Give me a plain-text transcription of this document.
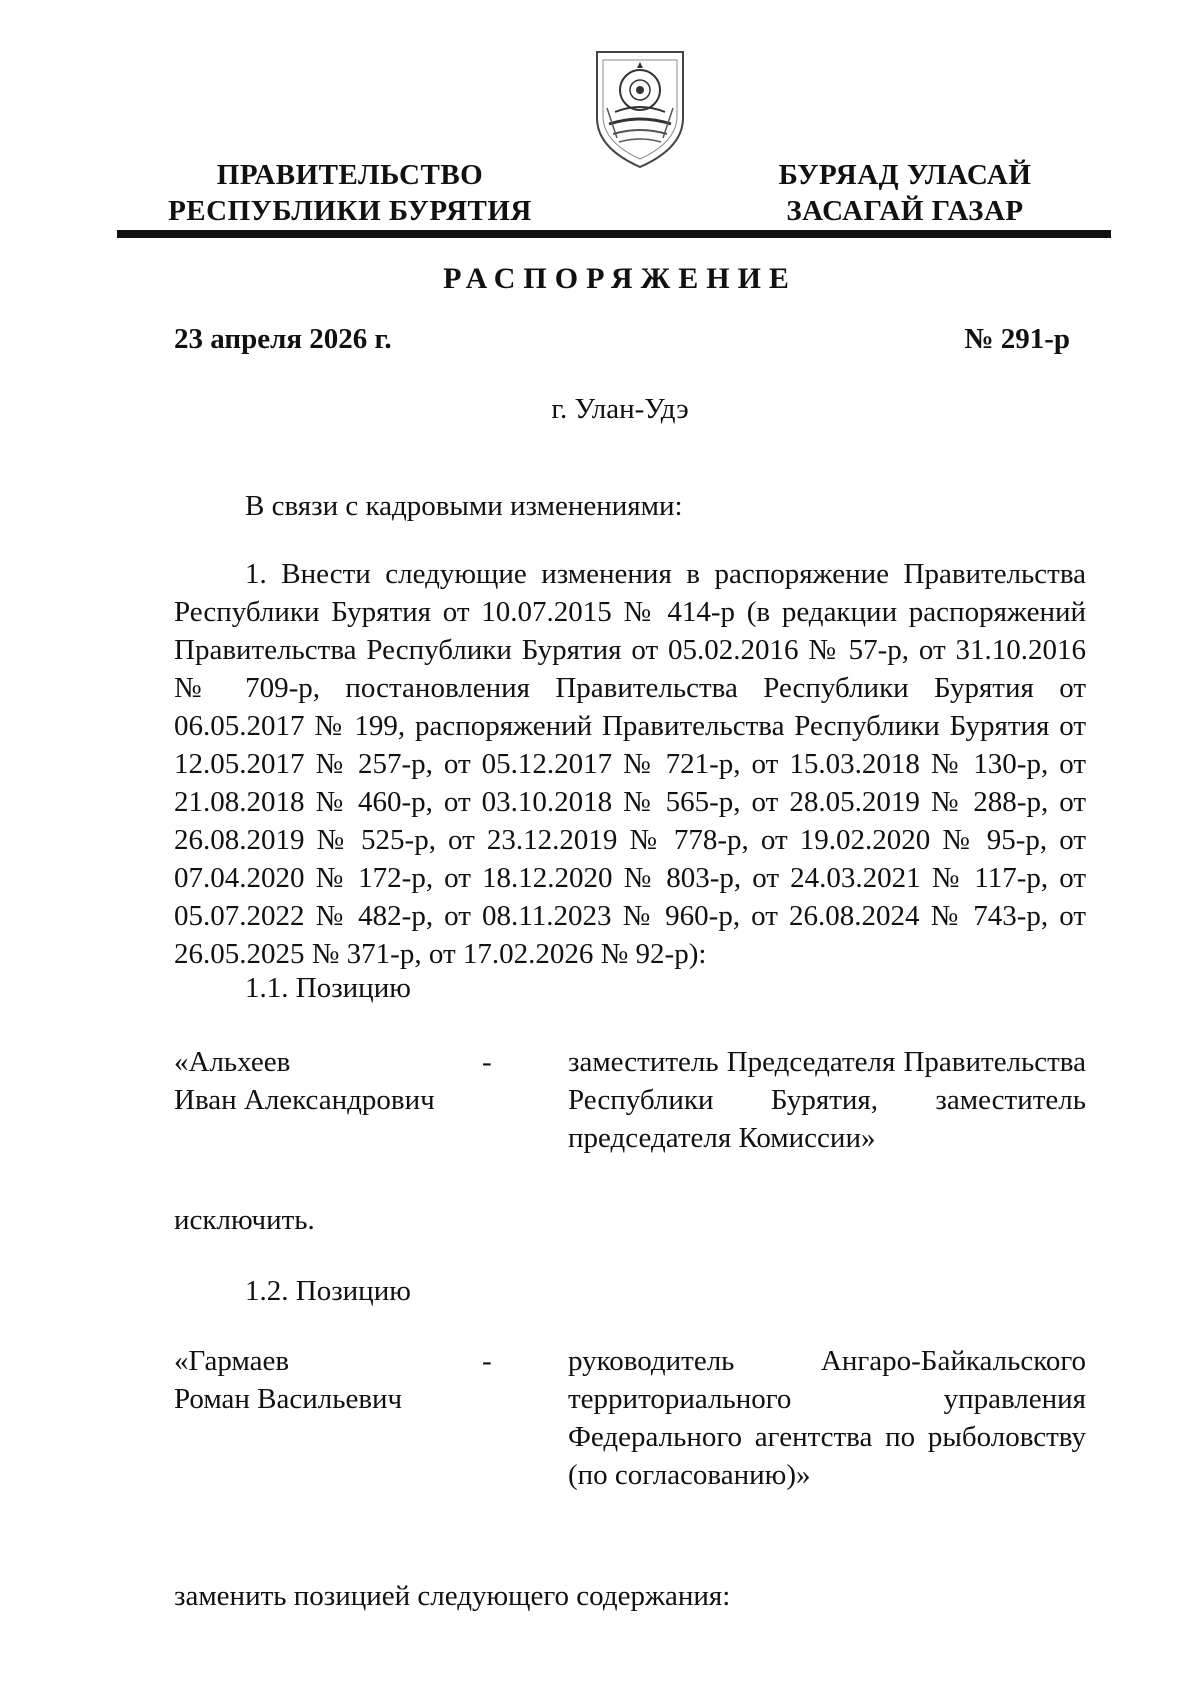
ПРАВИТЕЛЬСТВО
РЕСПУБЛИКИ БУРЯТИЯ
БУРЯАД УЛАСАЙ
ЗАСАГАЙ ГАЗАР
РАСПОРЯЖЕНИЕ
23 апреля 2026 г.	№ 291-р
г. Улан-Удэ
В связи с кадровыми изменениями:
1. Внести следующие изменения в распоряжение Правительства Республики Бурятия от 10.07.2015 № 414-р (в редакции распоряжений Правительства Республики Бурятия от 05.02.2016 № 57-р, от 31.10.2016 № 709-р, постановления Правительства Республики Бурятия от 06.05.2017 № 199, распоряжений Правительства Республики Бурятия от 12.05.2017 № 257-р, от 05.12.2017 № 721-р, от 15.03.2018 № 130-р, от 21.08.2018 № 460-р, от 03.10.2018 № 565-р, от 28.05.2019 № 288-р, от 26.08.2019 № 525-р, от 23.12.2019 № 778-р, от 19.02.2020 № 95-р, от 07.04.2020 № 172-р, от 18.12.2020 № 803-р, от 24.03.2021 № 117-р, от 05.07.2022 № 482-р, от 08.11.2023 № 960-р, от 26.08.2024 № 743-р, от 26.05.2025 № 371-р, от 17.02.2026 № 92-р):
1.1. Позицию
«Альхеев
Иван Александрович
-	заместитель Председателя Правительства Республики Бурятия, заместитель председателя Комиссии»
исключить.
1.2. Позицию
«Гармаев
Роман Васильевич
-	руководитель Ангаро-Байкальского территориального управления Федерального агентства по рыболовству (по согласованию)»
заменить позицией следующего содержания:
